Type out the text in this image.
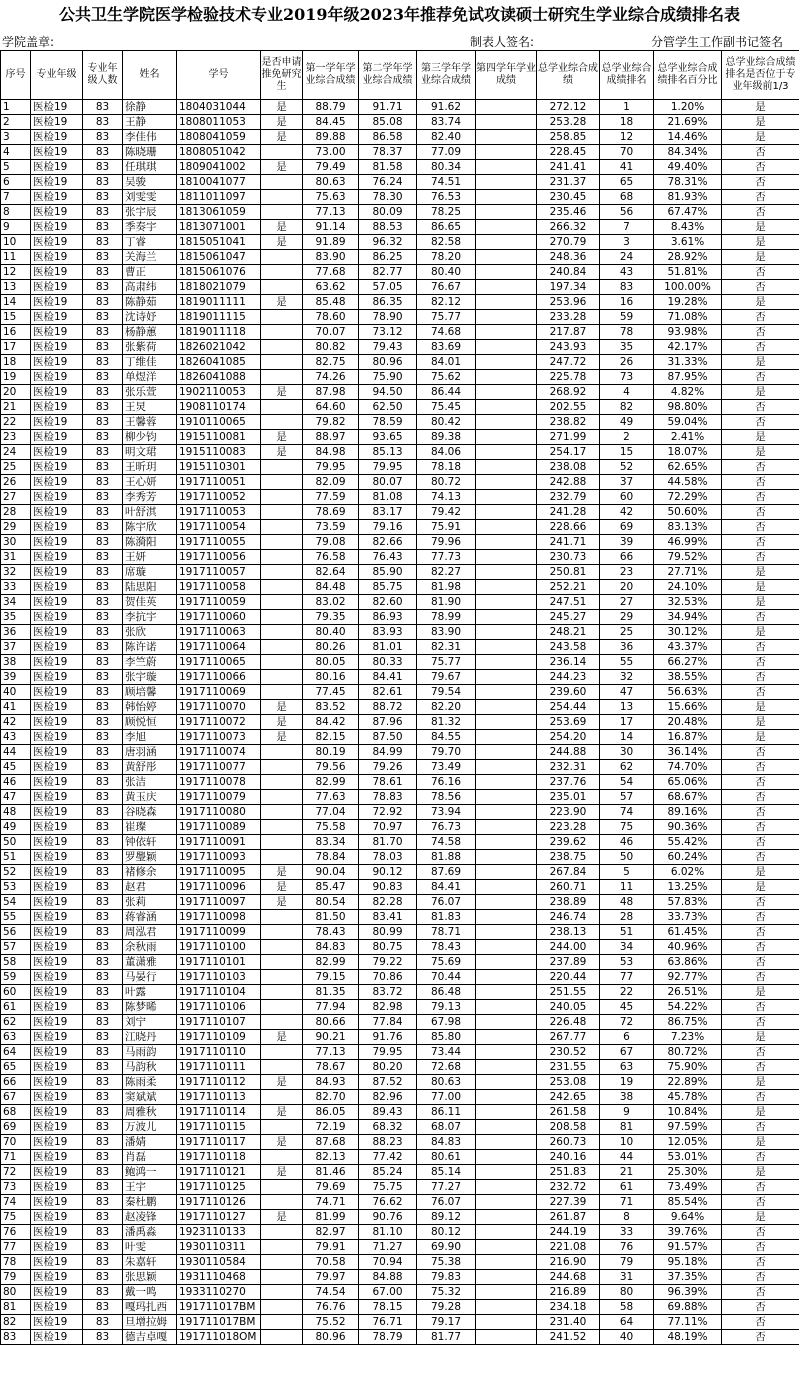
公共卫生学院医学检验技术专业2019年级2023年推荐免试攻读硕士研究生学业综合成绩排名表
学院盖章:	制表人签名:	分管学生工作副书记签名
序号	专业年级	专业年级人数	姓名	学号	是否申请推免研究生	第一学年学业综合成绩	第二学年学业综合成绩	第三学年学业综合成绩	第四学年学业成绩	总学业综合成绩	总学业综合成绩排名	总学业综合成绩排名百分比	总学业综合成绩排名是否位于专业年级前1/3
1	医检19	83	徐静	1804031044	是	88.79	91.71	91.62		272.12	1	1.20%	是
2	医检19	83	王静	1808011053	是	84.45	85.08	83.74		253.28	18	21.69%	是
3	医检19	83	李佳伟	1808041059	是	89.88	86.58	82.40		258.85	12	14.46%	是
4	医检19	83	陈晓珊	1808051042		73.00	78.37	77.09		228.45	70	84.34%	否
5	医检19	83	任琪琪	1809041002	是	79.49	81.58	80.34		241.41	41	49.40%	否
6	医检19	83	吴骏	1810041077		80.63	76.24	74.51		231.37	65	78.31%	否
7	医检19	83	刘雯雯	1811011097		75.63	78.30	76.53		230.45	68	81.93%	否
8	医检19	83	张宇辰	1813061059		77.13	80.09	78.25		235.46	56	67.47%	否
9	医检19	83	季奏宇	1813071001	是	91.14	88.53	86.65		266.32	7	8.43%	是
10	医检19	83	丁睿	1815051041	是	91.89	96.32	82.58		270.79	3	3.61%	是
11	医检19	83	关海兰	1815061047		83.90	86.25	78.20		248.36	24	28.92%	是
12	医检19	83	曹正	1815061076		77.68	82.77	80.40		240.84	43	51.81%	否
13	医检19	83	高肃纬	1818021079		63.62	57.05	76.67		197.34	83	100.00%	否
14	医检19	83	陈静茹	1819011111	是	85.48	86.35	82.12		253.96	16	19.28%	是
15	医检19	83	沈诗妤	1819011115		78.60	78.90	75.77		233.28	59	71.08%	否
16	医检19	83	杨静蕙	1819011118		70.07	73.12	74.68		217.87	78	93.98%	否
17	医检19	83	张紫荷	1826021042		80.82	79.43	83.69		243.93	35	42.17%	否
18	医检19	83	丁维佳	1826041085		82.75	80.96	84.01		247.72	26	31.33%	是
19	医检19	83	单煜洋	1826041088		74.26	75.90	75.62		225.78	73	87.95%	否
20	医检19	83	张乐萱	1902110053	是	87.98	94.50	86.44		268.92	4	4.82%	是
21	医检19	83	王炅	1908110174		64.60	62.50	75.45		202.55	82	98.80%	否
22	医检19	83	王馨蓉	1910110065		79.82	78.59	80.42		238.82	49	59.04%	否
23	医检19	83	柳少钧	1915110081	是	88.97	93.65	89.38		271.99	2	2.41%	是
24	医检19	83	明文珺	1915110083	是	84.98	85.13	84.06		254.17	15	18.07%	是
25	医检19	83	王昕玥	1915110301		79.95	79.95	78.18		238.08	52	62.65%	否
26	医检19	83	王心妍	1917110051		82.09	80.07	80.72		242.88	37	44.58%	否
27	医检19	83	李秀芳	1917110052		77.59	81.08	74.13		232.79	60	72.29%	否
28	医检19	83	叶舒淇	1917110053		78.69	83.17	79.42		241.28	42	50.60%	否
29	医检19	83	陈宇欣	1917110054		73.59	79.16	75.91		228.66	69	83.13%	否
30	医检19	83	陈漪阳	1917110055		79.08	82.66	79.96		241.71	39	46.99%	否
31	医检19	83	王妍	1917110056		76.58	76.43	77.73		230.73	66	79.52%	否
32	医检19	83	席璇	1917110057		82.64	85.90	82.27		250.81	23	27.71%	是
33	医检19	83	陆思阳	1917110058		84.48	85.75	81.98		252.21	20	24.10%	是
34	医检19	83	贺佳英	1917110059		83.02	82.60	81.90		247.51	27	32.53%	是
35	医检19	83	李抗宇	1917110060		79.35	86.93	78.99		245.27	29	34.94%	否
36	医检19	83	张欣	1917110063		80.40	83.93	83.90		248.21	25	30.12%	是
37	医检19	83	陈许诺	1917110064		80.26	81.01	82.31		243.58	36	43.37%	否
38	医检19	83	李竺蔚	1917110065		80.05	80.33	75.77		236.14	55	66.27%	否
39	医检19	83	张宇璇	1917110066		80.16	84.41	79.67		244.23	32	38.55%	否
40	医检19	83	顾培馨	1917110069		77.45	82.61	79.54		239.60	47	56.63%	否
41	医检19	83	韩怡婷	1917110070	是	83.52	88.72	82.20		254.44	13	15.66%	是
42	医检19	83	顾悦恒	1917110072	是	84.42	87.96	81.32		253.69	17	20.48%	是
43	医检19	83	李旭	1917110073	是	82.15	87.50	84.55		254.20	14	16.87%	是
44	医检19	83	唐羽涵	1917110074		80.19	84.99	79.70		244.88	30	36.14%	否
45	医检19	83	黄舒彤	1917110077		79.56	79.26	73.49		232.31	62	74.70%	否
46	医检19	83	张洁	1917110078		82.99	78.61	76.16		237.76	54	65.06%	否
47	医检19	83	黄玉庆	1917110079		77.63	78.83	78.56		235.01	57	68.67%	否
48	医检19	83	谷晓森	1917110080		77.04	72.92	73.94		223.90	74	89.16%	否
49	医检19	83	崔璨	1917110089		75.58	70.97	76.73		223.28	75	90.36%	否
50	医检19	83	钟依轩	1917110091		83.34	81.70	74.58		239.62	46	55.42%	否
51	医检19	83	罗璺颖	1917110093		78.84	78.03	81.88		238.75	50	60.24%	否
52	医检19	83	褚修余	1917110095	是	90.04	90.12	87.69		267.84	5	6.02%	是
53	医检19	83	赵君	1917110096	是	85.47	90.83	84.41		260.71	11	13.25%	是
54	医检19	83	张莉	1917110097	是	80.54	82.28	76.07		238.89	48	57.83%	否
55	医检19	83	蒋睿涵	1917110098		81.50	83.41	81.83		246.74	28	33.73%	否
56	医检19	83	周泓君	1917110099		78.43	80.99	78.71		238.13	51	61.45%	否
57	医检19	83	余秋雨	1917110100		84.83	80.75	78.43		244.00	34	40.96%	否
58	医检19	83	董潇雅	1917110101		82.99	79.22	75.69		237.89	53	63.86%	否
59	医检19	83	马晏行	1917110103		79.15	70.86	70.44		220.44	77	92.77%	否
60	医检19	83	叶露	1917110104		81.35	83.72	86.48		251.55	22	26.51%	是
61	医检19	83	陈梦晞	1917110106		77.94	82.98	79.13		240.05	45	54.22%	否
62	医检19	83	刘宁	1917110107		80.66	77.84	67.98		226.48	72	86.75%	否
63	医检19	83	江晓丹	1917110109	是	90.21	91.76	85.80		267.77	6	7.23%	是
64	医检19	83	马雨韵	1917110110		77.13	79.95	73.44		230.52	67	80.72%	否
65	医检19	83	马韵秋	1917110111		78.67	80.20	72.68		231.55	63	75.90%	否
66	医检19	83	陈雨柔	1917110112	是	84.93	87.52	80.63		253.08	19	22.89%	是
67	医检19	83	窦斌斌	1917110113		82.70	82.96	77.00		242.65	38	45.78%	否
68	医检19	83	周雅秋	1917110114	是	86.05	89.43	86.11		261.58	9	10.84%	是
69	医检19	83	万波儿	1917110115		72.19	68.32	68.07		208.58	81	97.59%	否
70	医检19	83	潘婧	1917110117	是	87.68	88.23	84.83		260.73	10	12.05%	是
71	医检19	83	肖磊	1917110118		82.13	77.42	80.61		240.16	44	53.01%	否
72	医检19	83	鲍鸿一	1917110121	是	81.46	85.24	85.14		251.83	21	25.30%	是
73	医检19	83	王宇	1917110125		79.69	75.75	77.27		232.72	61	73.49%	否
74	医检19	83	秦杜鹏	1917110126		74.71	76.62	76.07		227.39	71	85.54%	否
75	医检19	83	赵凌锋	1917110127	是	81.99	90.76	89.12		261.87	8	9.64%	是
76	医检19	83	潘禹淼	1923110133		82.97	81.10	80.12		244.19	33	39.76%	否
77	医检19	83	叶雯	1930110311		79.91	71.27	69.90		221.08	76	91.57%	否
78	医检19	83	朱嘉轩	1930110584		70.58	70.94	75.38		216.90	79	95.18%	否
79	医检19	83	张思颖	1931110468		79.97	84.88	79.83		244.68	31	37.35%	否
80	医检19	83	戴一鸣	1933110270		74.54	67.00	75.32		216.89	80	96.39%	否
81	医检19	83	嘎玛扎西	191711017BM		76.76	78.15	79.28		234.18	58	69.88%	否
82	医检19	83	旦增拉姆	191711017BM		75.52	76.71	79.17		231.40	64	77.11%	否
83	医检19	83	德吉卓嘎	191711018OM		80.96	78.79	81.77		241.52	40	48.19%	否
